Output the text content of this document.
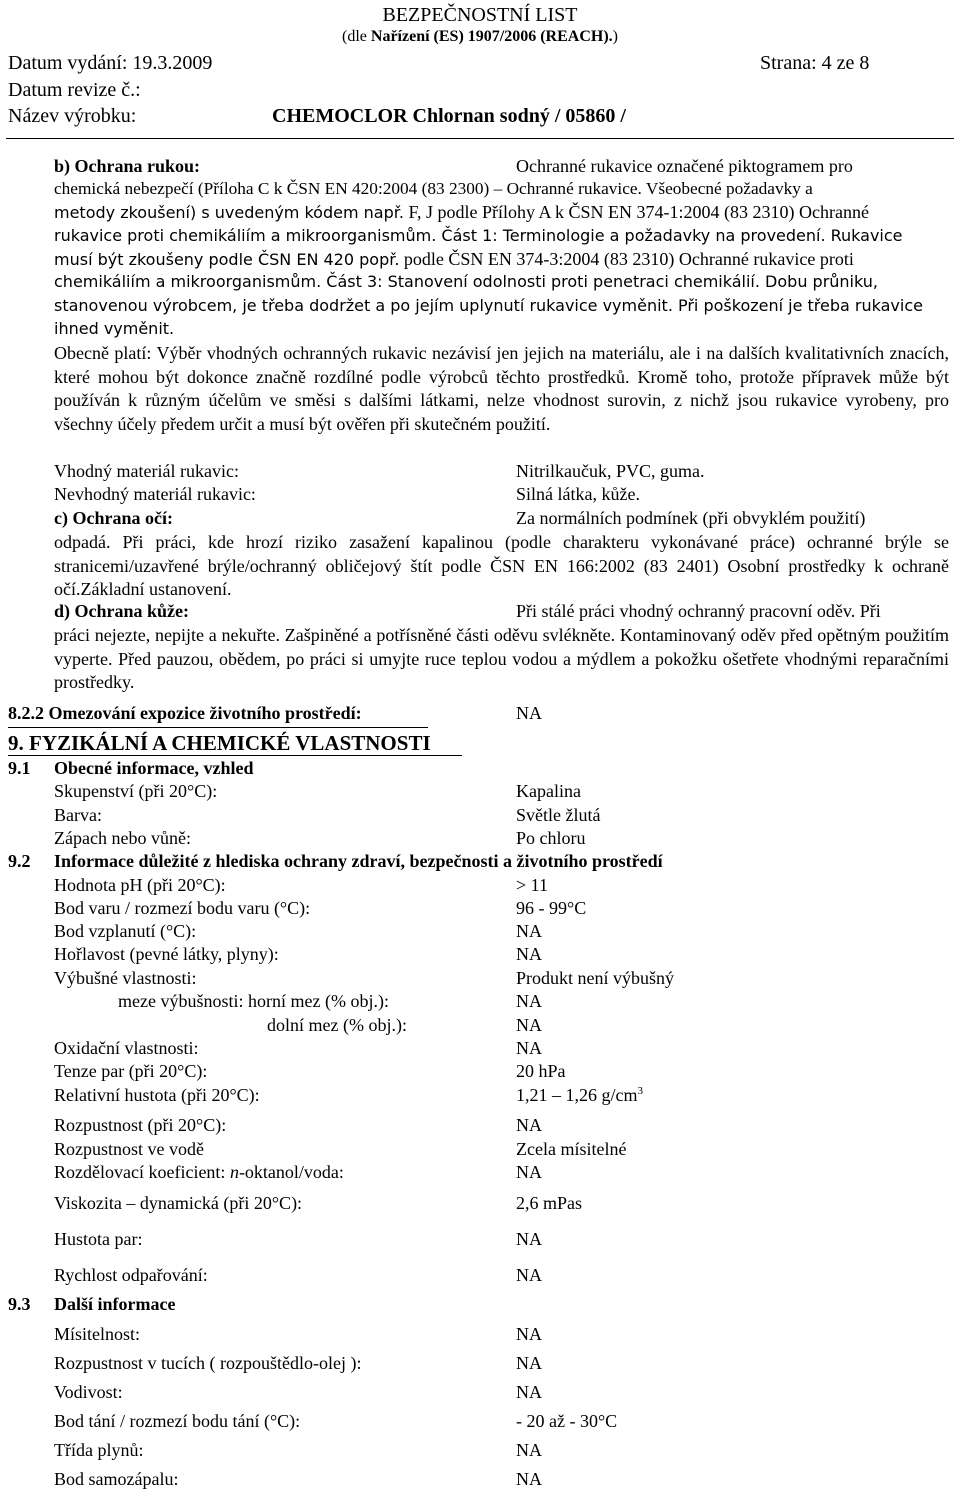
BEZPEČNOSTNÍ LIST
(dle Nařízení (ES) 1907/2006 (REACH).)
Datum vydání: 19.3.2009	Strana: 4 ze 8
Datum revize č.:
Název výrobku:	CHEMOCLOR Chlornan sodný / 05860 /
b) Ochrana rukou:	Ochranné rukavice označené piktogramem pro
chemická nebezpečí (Příloha C k ČSN EN 420:2004 (83 2300) – Ochranné rukavice. Všeobecné požadavky a
metody zkoušení) s uvedeným kódem např. F, J podle Přílohy A k ČSN EN 374-1:2004 (83 2310) Ochranné
rukavice proti chemikáliím a mikroorganismům. Část 1: Terminologie a požadavky na provedení. Rukavice
musí být zkoušeny podle ČSN EN 420 popř. podle ČSN EN 374-3:2004 (83 2310) Ochranné rukavice proti
chemikáliím a mikroorganismům. Část 3: Stanovení odolnosti proti penetraci chemikálií. Dobu průniku,
stanovenou výrobcem, je třeba dodržet a po jejím uplynutí rukavice vyměnit. Při poškození je třeba rukavice
ihned vyměnit.
Obecně platí: Výběr vhodných ochranných rukavic nezávisí jen jejich na materiálu, ale i na dalších kvalitativních znacích, které mohou být dokonce značně rozdílné podle výrobců těchto prostředků. Kromě toho, protože přípravek může být používán k různým účelům ve směsi s dalšími látkami, nelze vhodnost surovin, z nichž jsou rukavice vyrobeny, pro všechny účely předem určit a musí být ověřen při skutečném použití.
Vhodný materiál rukavic:	Nitrilkaučuk, PVC, guma.
Nevhodný materiál rukavic:	Silná látka, kůže.
c) Ochrana očí:	Za normálních podmínek (při obvyklém použití)
odpadá. Při práci, kde hrozí riziko zasažení kapalinou (podle charakteru vykonávané práce) ochranné brýle se stranicemi/uzavřené brýle/ochranný obličejový štít podle ČSN EN 166:2002 (83 2401) Osobní prostředky k ochraně očí.Základní ustanovení.
d) Ochrana kůže:	Při stálé práci vhodný ochranný pracovní oděv. Při
práci nejezte, nepijte a nekuřte. Zašpiněné a potřísněné části oděvu svlékněte. Kontaminovaný oděv před opětným použitím vyperte. Před pauzou, obědem, po práci si umyjte ruce teplou vodou a mýdlem a pokožku ošetřete vhodnými reparačními prostředky.
8.2.2 Omezování expozice životního prostředí:	NA
9. FYZIKÁLNÍ A CHEMICKÉ VLASTNOSTI
9.1 Obecné informace, vzhled
Skupenství (při 20°C):	Kapalina
Barva:	Světle žlutá
Zápach nebo vůně:	Po chloru
9.2 Informace důležité z hlediska ochrany zdraví, bezpečnosti a životního prostředí
Hodnota pH (při 20°C):	> 11
Bod varu / rozmezí bodu varu (°C):	96 - 99°C
Bod vzplanutí (°C):	NA
Hořlavost (pevné látky, plyny):	NA
Výbušné vlastnosti:	Produkt není výbušný
meze výbušnosti: horní mez (% obj.):	NA
dolní mez (% obj.):	NA
Oxidační vlastnosti:	NA
Tenze par (při 20°C):	20 hPa
Relativní hustota (při 20°C):	1,21 – 1,26 $g/cm^3$
Rozpustnost (při 20°C):	NA
Rozpustnost ve vodě	Zcela mísitelné
Rozdělovací koeficient: n-oktanol/voda:	NA
Viskozita – dynamická (při 20°C):	2,6 mPas
Hustota par:	NA
Rychlost odpařování:	NA
9.3 Další informace
Mísitelnost:	NA
Rozpustnost v tucích ( rozpouštědlo-olej ):	NA
Vodivost:	NA
Bod tání / rozmezí bodu tání (°C):	- 20 až - 30°C
Třída plynů:	NA
Bod samozápalu:	NA
